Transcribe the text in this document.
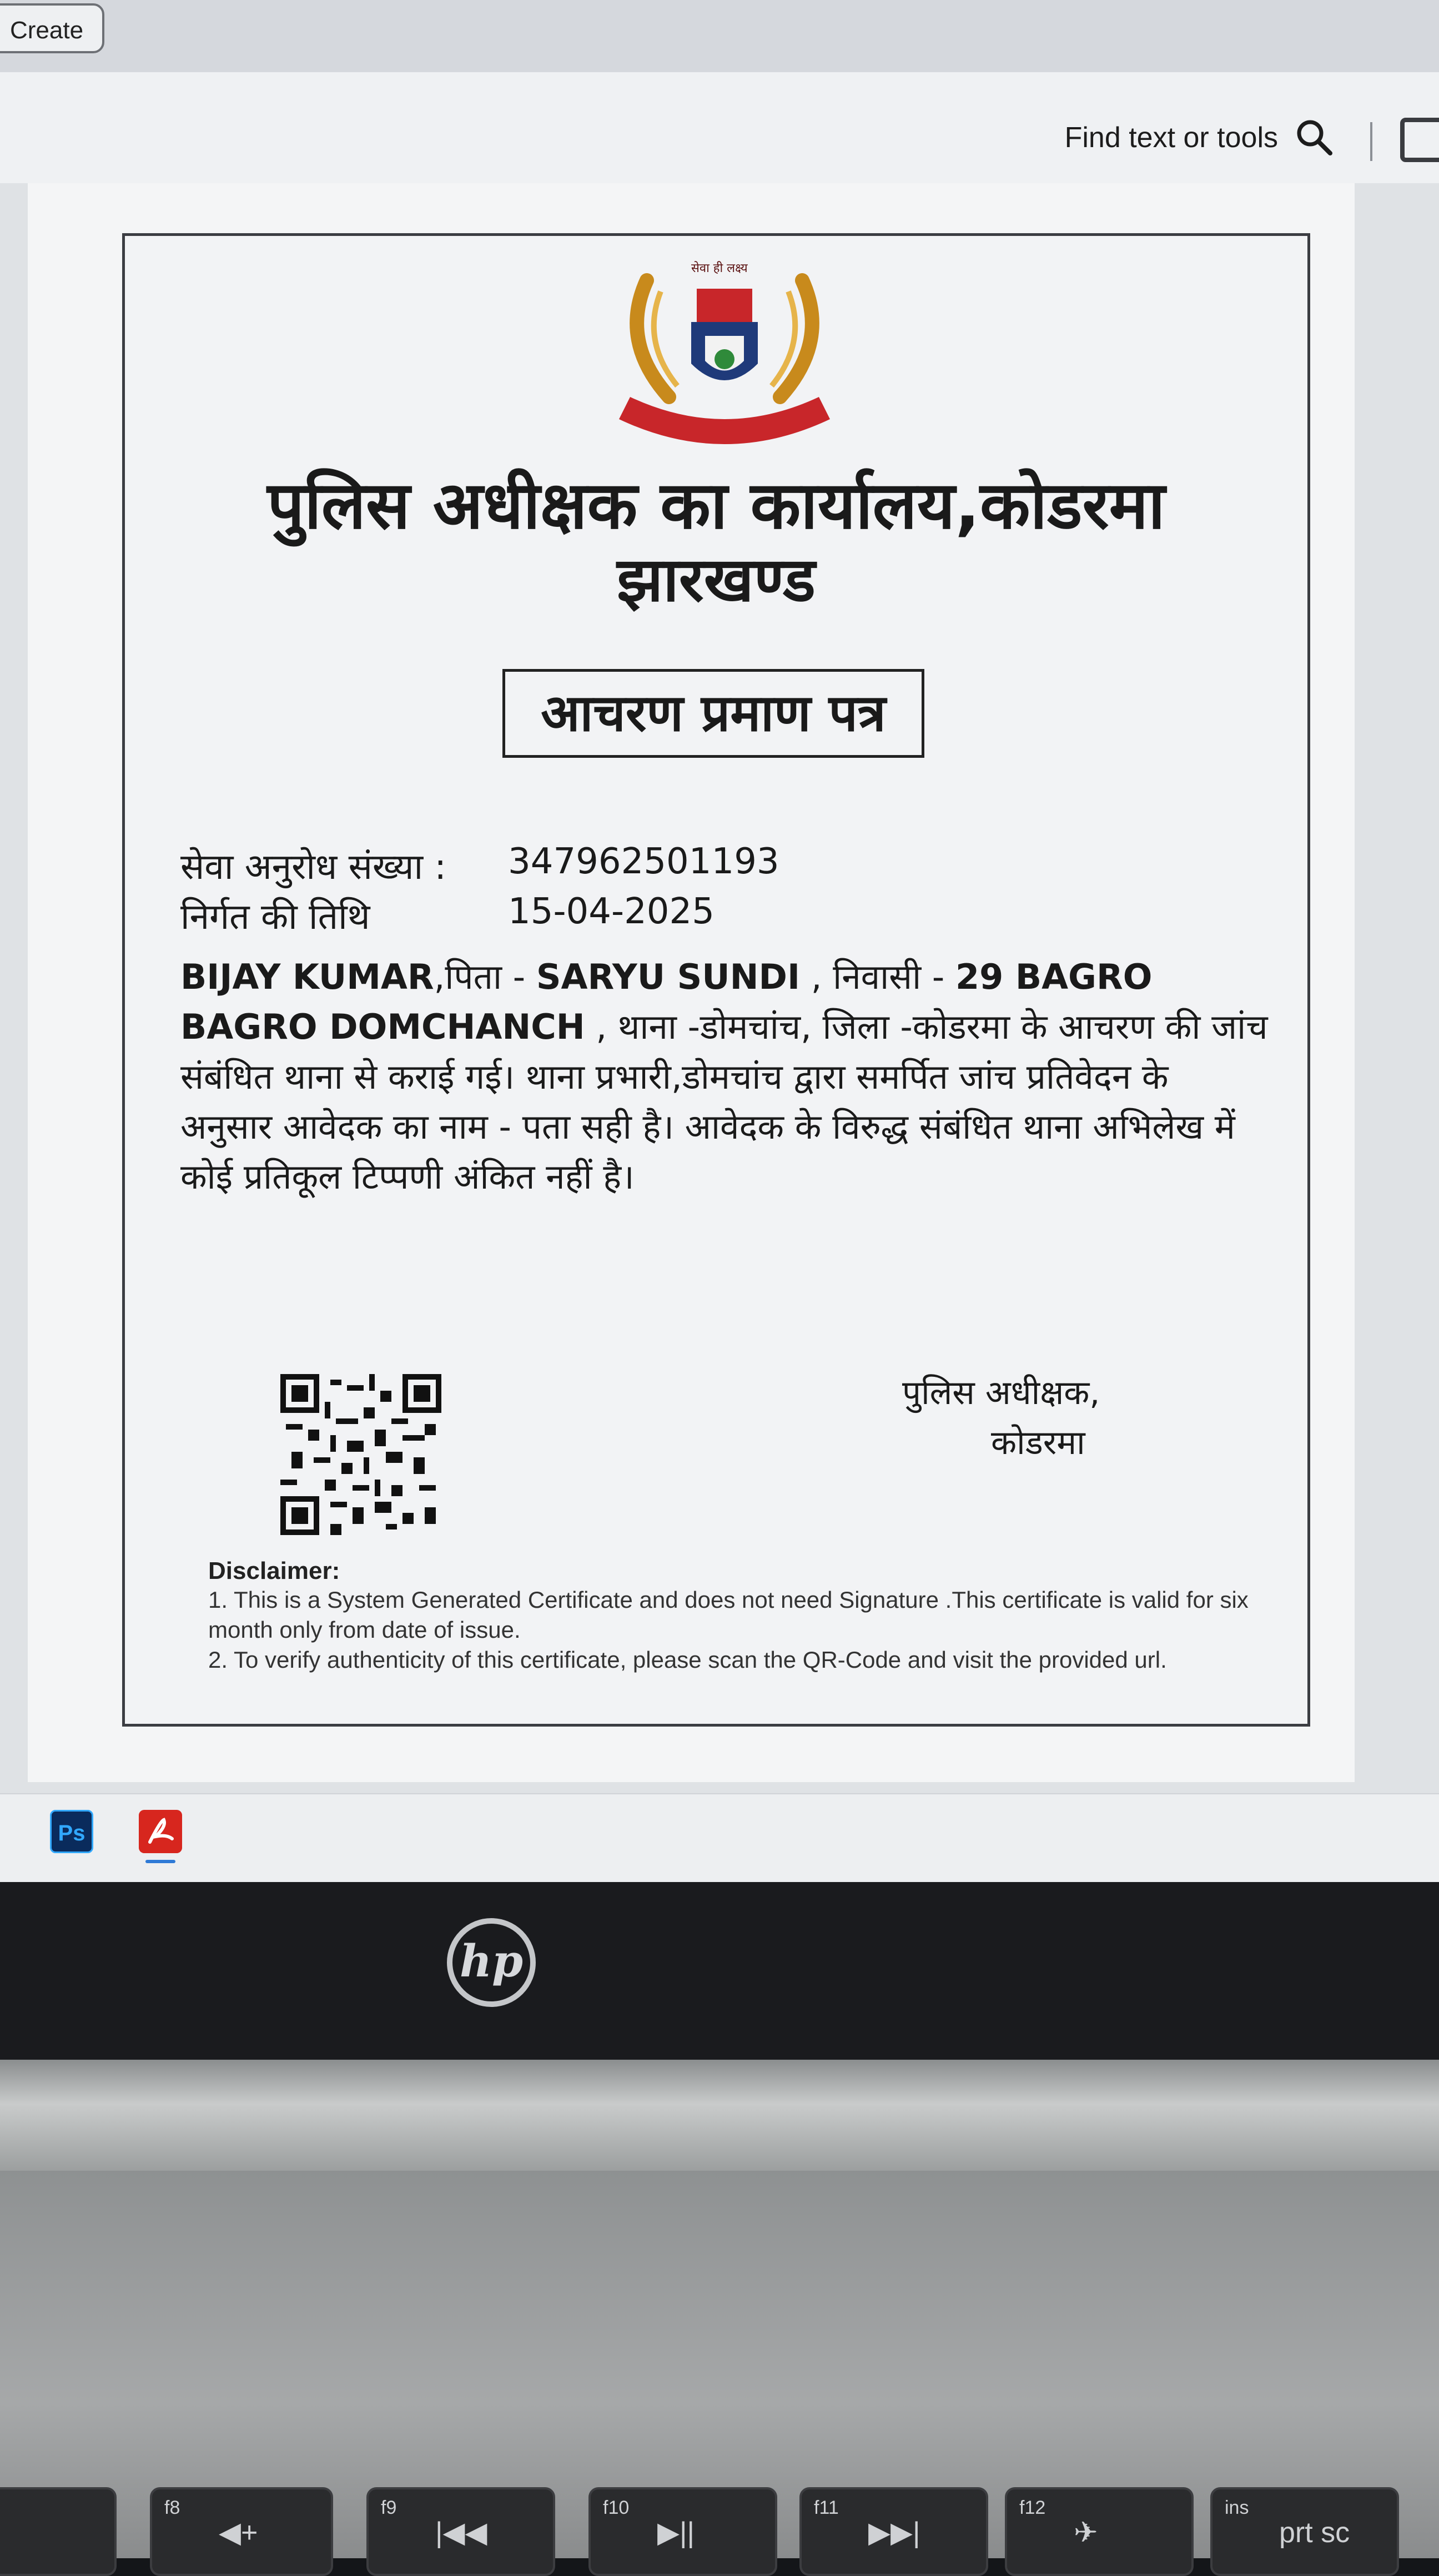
Create
Find text or tools
सेवा ही लक्ष्य
पुलिस अधीक्षक का कार्यालय,कोडरमा
झारखण्ड
आचरण प्रमाण पत्र
सेवा अनुरोध संख्या : 347962501193
निर्गत की तिथि	15-04-2025
BIJAY KUMAR,पिता - SARYU SUNDI , निवासी - 29 BAGRO BAGRO DOMCHANCH , थाना -डोमचांच, जिला -कोडरमा के आचरण की जांच संबंधित थाना से कराई गई। थाना प्रभारी,डोमचांच द्वारा समर्पित जांच प्रतिवेदन के अनुसार आवेदक का नाम - पता सही है। आवेदक के विरुद्ध संबंधित थाना अभिलेख में कोई प्रतिकूल टिप्पणी अंकित नहीं है।
पुलिस अधीक्षक,
कोडरमा
Disclaimer:
1. This is a System Generated Certificate and does not need Signature .This certificate is valid for six month only from date of issue.
2. To verify authenticity of this certificate, please scan the QR-Code and visit the provided url.
Ps
hp
f8
◀+
f9
|◀◀
f10
▶||
f11
▶▶|
f12
✈
ins
prt sc
